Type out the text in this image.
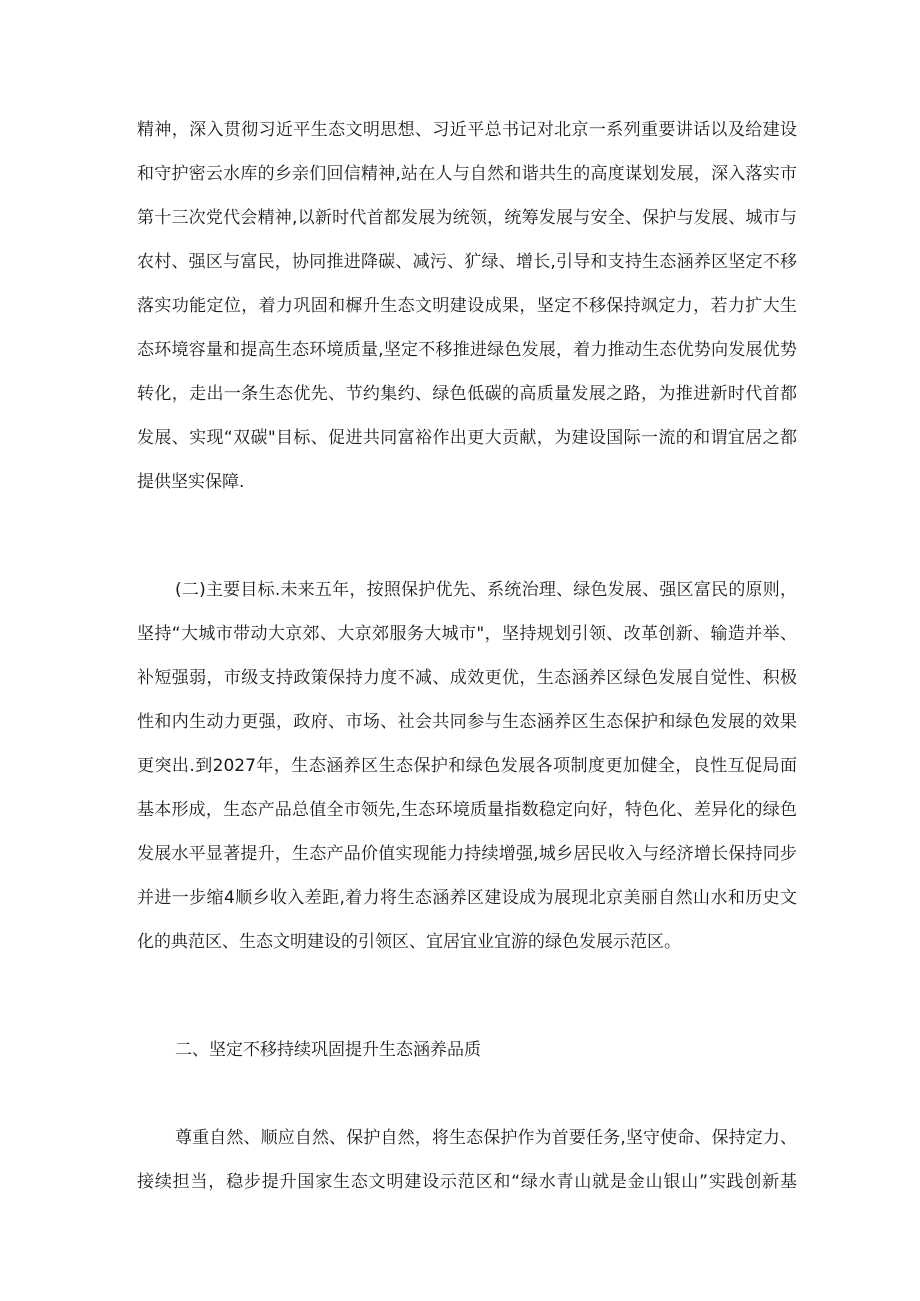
精神，深入贯彻习近平生态文明思想、习近平总书记对北京一系列重要讲话以及给建设
和守护密云水库的乡亲们回信精神,站在人与自然和谐共生的高度谋划发展，深入落实市
第十三次党代会精神,以新时代首都发展为统领，统筹发展与安全、保护与发展、城市与
农村、强区与富民，协同推进降碳、减污、犷绿、增长,引导和支持生态涵养区坚定不移
落实功能定位，着力巩固和樨升生态文明建设成果，坚定不移保持飒定力，若力扩大生
态环境容量和提高生态环境质量,坚定不移推进绿色发展，着力推动生态优势向发展优势
转化，走出一条生态优先、节约集约、绿色低碳的高质量发展之路，为推进新时代首都
发展、实现“双碳"目标、促进共同富裕作出更大贡献，为建设国际一流的和谓宜居之都
提供坚实保障.
(二)主要目标.未来五年，按照保护优先、系统治理、绿色发展、强区富民的原则，
坚持“大城市带动大京郊、大京郊服务大城市"，坚持规划引领、改革创新、输造并举、
补短强弱，市级支持政策保持力度不减、成效更优，生态涵养区绿色发展自觉性、积极
性和内生动力更强，政府、市场、社会共同参与生态涵养区生态保护和绿色发展的效果
更突出.到2027年，生态涵养区生态保护和绿色发展各项制度更加健全，良性互促局面
基本形成，生态产品总值全市领先,生态环境质量指数稳定向好，特色化、差异化的绿色
发展水平显著提升，生态产品价值实现能力持续增强,城乡居民收入与经济增长保持同步
并进一步缩4顺乡收入差距,着力将生态涵养区建设成为展现北京美丽自然山水和历史文
化的典范区、生态文明建设的引领区、宜居宜业宜游的绿色发展示范区。
二、坚定不移持续巩固提升生态涵养品质
尊重自然、顺应自然、保护自然，将生态保护作为首要任务,坚守使命、保持定力、
接续担当，稳步提升国家生态文明建设示范区和“绿水青山就是金山银山”实践创新基
